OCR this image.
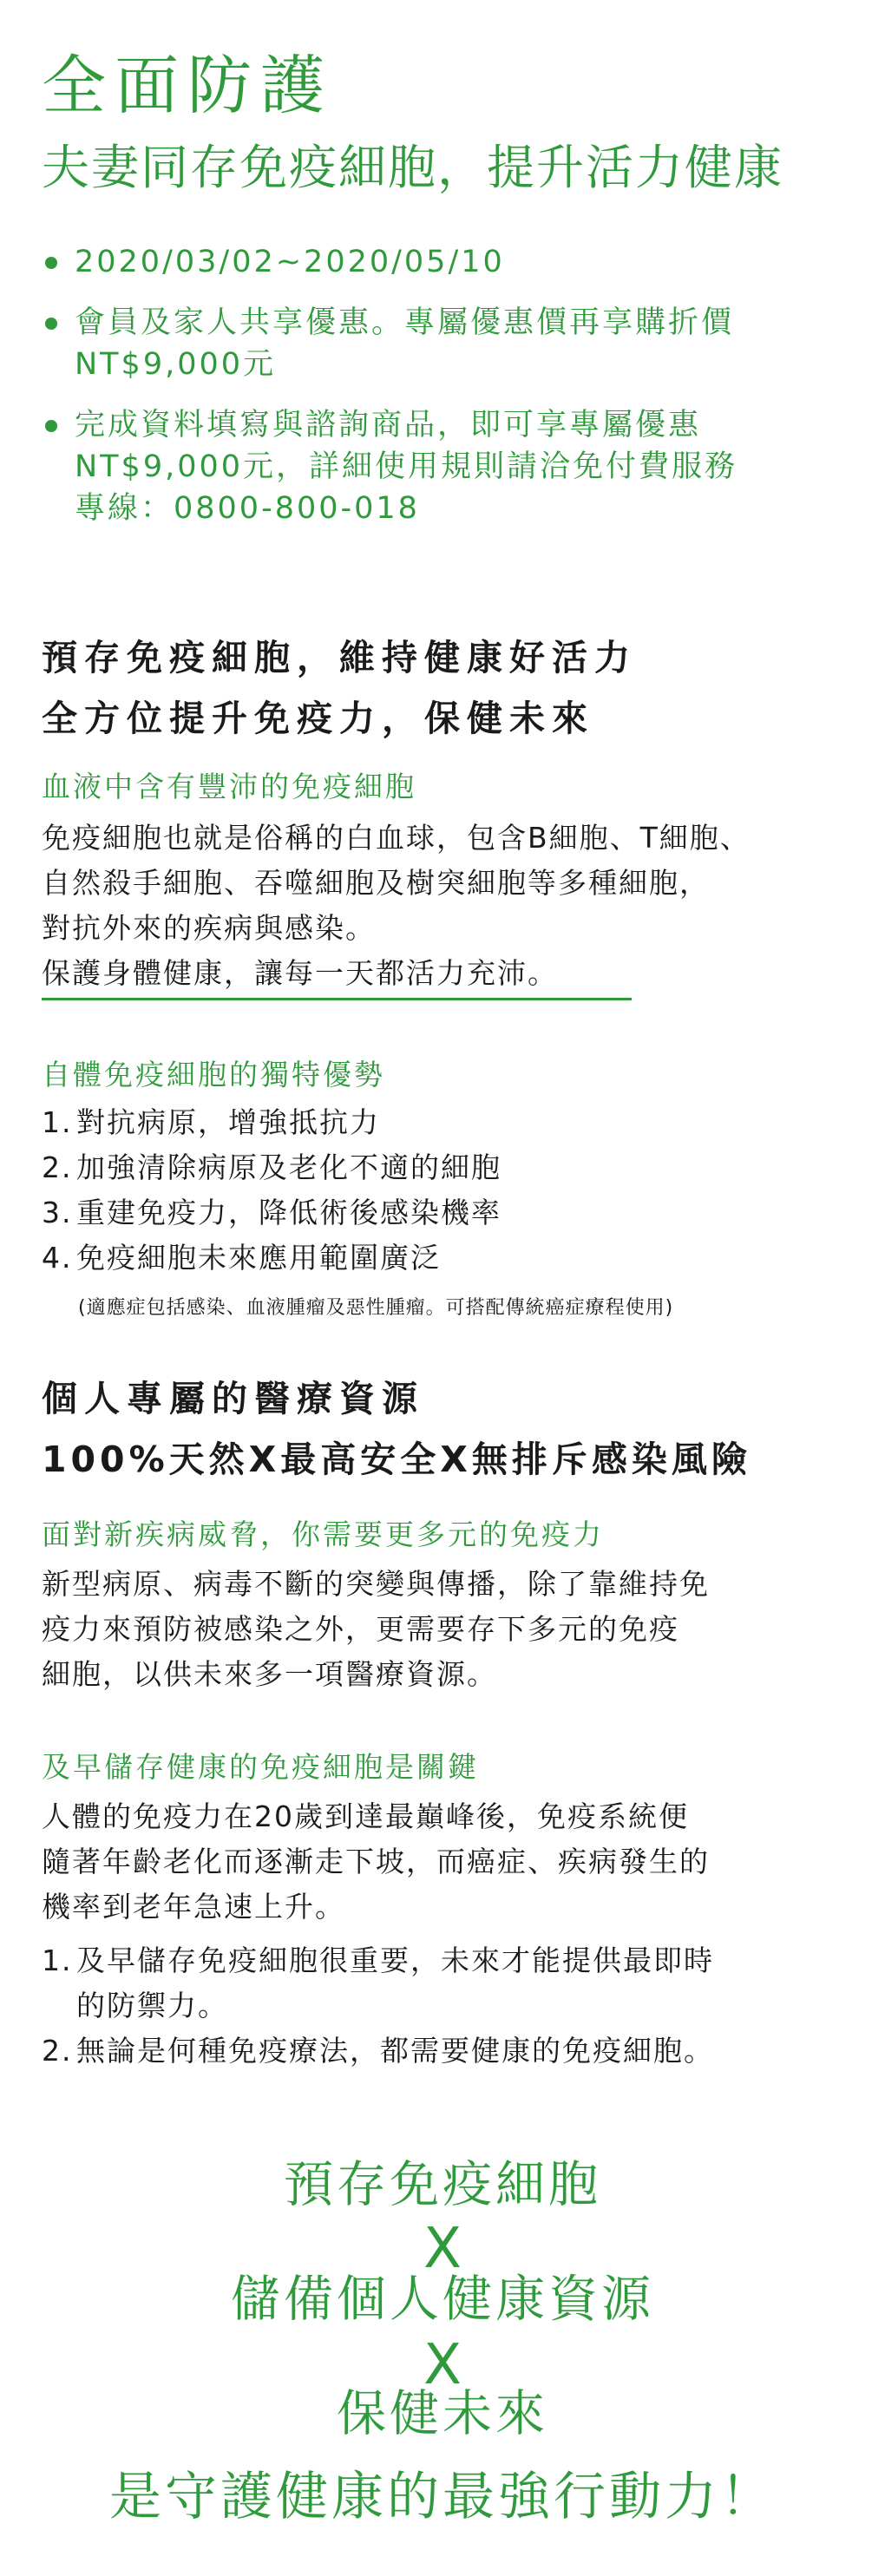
全面防護
夫妻同存免疫細胞，提升活力健康
2020/03/02~2020/05/10
會員及家人共享優惠。專屬優惠價再享購折價
NT$9,000元
完成資料填寫與諮詢商品，即可享專屬優惠
NT$9,000元，詳細使用規則請洽免付費服務
專線：0800-800-018
預存免疫細胞，維持健康好活力
全方位提升免疫力，保健未來
血液中含有豐沛的免疫細胞
免疫細胞也就是俗稱的白血球，包含B細胞、T細胞、
自然殺手細胞、吞噬細胞及樹突細胞等多種細胞，
對抗外來的疾病與感染。
保護身體健康，讓每一天都活力充沛。
自體免疫細胞的獨特優勢
1. 對抗病原，增強抵抗力
2. 加強清除病原及老化不適的細胞
3. 重建免疫力，降低術後感染機率
4. 免疫細胞未來應用範圍廣泛
(適應症包括感染、血液腫瘤及惡性腫瘤。可搭配傳統癌症療程使用)
個人專屬的醫療資源
100%天然X最高安全X無排斥感染風險
面對新疾病威脅，你需要更多元的免疫力
新型病原、病毒不斷的突變與傳播，除了靠維持免
疫力來預防被感染之外，更需要存下多元的免疫
細胞，以供未來多一項醫療資源。
及早儲存健康的免疫細胞是關鍵
人體的免疫力在20歲到達最巔峰後，免疫系統便
隨著年齡老化而逐漸走下坡，而癌症、疾病發生的
機率到老年急速上升。
1. 及早儲存免疫細胞很重要，未來才能提供最即時
的防禦力。
2. 無論是何種免疫療法，都需要健康的免疫細胞。
預存免疫細胞
X
儲備個人健康資源
X
保健未來
是守護健康的最強行動力！
